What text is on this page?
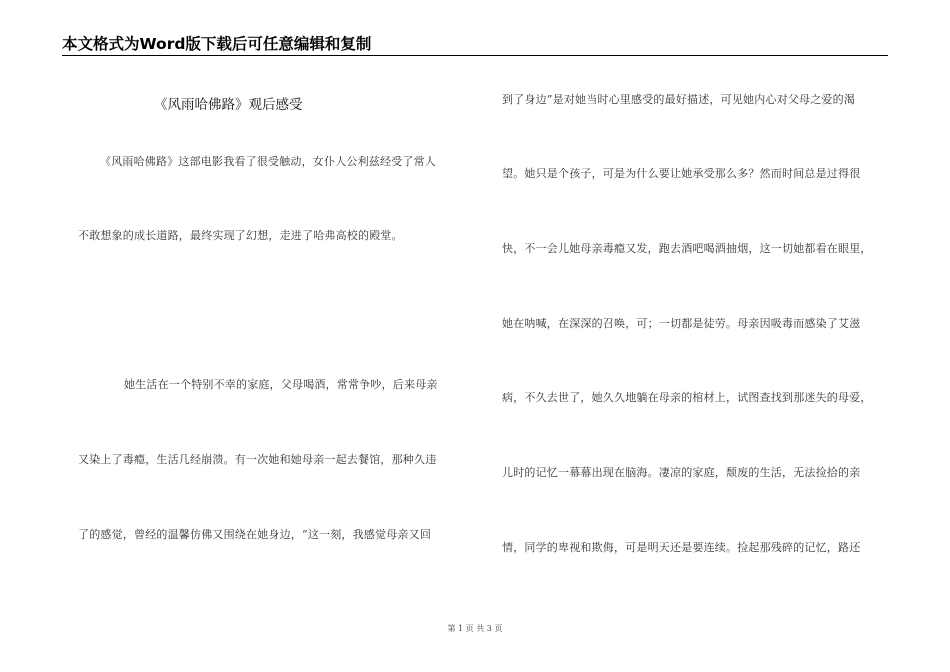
本文格式为Word版下载后可任意编辑和复制
《风雨哈佛路》观后感受
《风雨哈佛路》这部电影我看了很受触动，女仆人公利兹经受了常人
不敢想象的成长道路，最终实现了幻想，走进了哈弗高校的殿堂。
她生活在一个特别不幸的家庭，父母喝酒，常常争吵，后来母亲
又染上了毒瘾，生活几经崩溃。有一次她和她母亲一起去餐馆，那种久违
了的感觉，曾经的温馨仿佛又围绕在她身边，“这一刻，我感觉母亲又回
到了身边”是对她当时心里感受的最好描述，可见她内心对父母之爱的渴
望。她只是个孩子，可是为什么要让她承受那么多？然而时间总是过得很
快，不一会儿她母亲毒瘾又发，跑去酒吧喝酒抽烟，这一切她都看在眼里，
她在呐喊，在深深的召唤，可；一切都是徒劳。母亲因吸毒而感染了艾滋
病，不久去世了，她久久地躺在母亲的棺材上，试图查找到那迷失的母爱，
儿时的记忆一幕幕出现在脑海。凄凉的家庭，颓废的生活，无法捡拾的亲
情，同学的卑视和欺侮，可是明天还是要连续。捡起那残碎的记忆，路还
第 1 页 共 3 页
